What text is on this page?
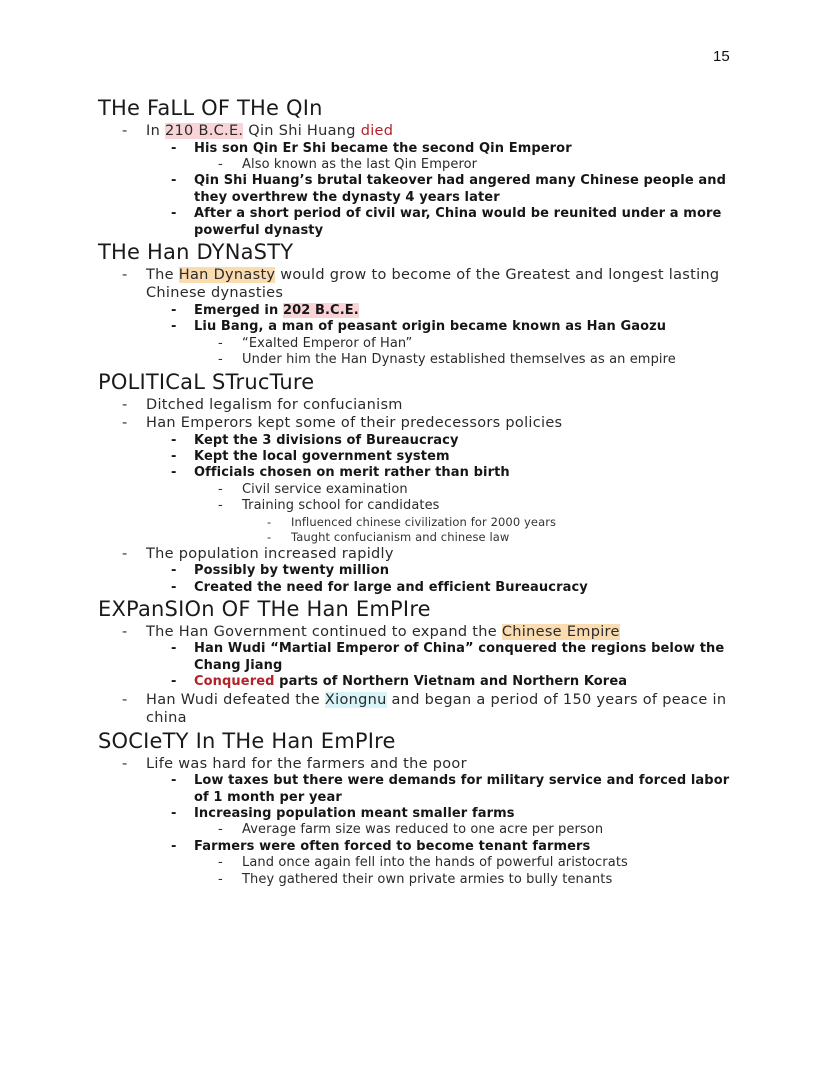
15
THe FaLL OF THe QIn
- In 210 B.C.E. Qin Shi Huang died
- His son Qin Er Shi became the second Qin Emperor
- Also known as the last Qin Emperor
- Qin Shi Huang’s brutal takeover had angered many Chinese people and they overthrew the dynasty 4 years later
- After a short period of civil war, China would be reunited under a more powerful dynasty
THe Han DYNaSTY
- The Han Dynasty would grow to become of the Greatest and longest lasting Chinese dynasties
- Emerged in 202 B.C.E.
- Liu Bang, a man of peasant origin became known as Han Gaozu
- “Exalted Emperor of Han”
- Under him the Han Dynasty established themselves as an empire
POLITICaL STrucTure
- Ditched legalism for confucianism
- Han Emperors kept some of their predecessors policies
- Kept the 3 divisions of Bureaucracy
- Kept the local government system
- Officials chosen on merit rather than birth
- Civil service examination
- Training school for candidates
- Influenced chinese civilization for 2000 years
- Taught confucianism and chinese law
- The population increased rapidly
- Possibly by twenty million
- Created the need for large and efficient Bureaucracy
EXPanSIOn OF THe Han EmPIre
- The Han Government continued to expand the Chinese Empire
- Han Wudi “Martial Emperor of China” conquered the regions below the Chang Jiang
- Conquered parts of Northern Vietnam and Northern Korea
- Han Wudi defeated the Xiongnu and began a period of 150 years of peace in china
SOCIeTY In THe Han EmPIre
- Life was hard for the farmers and the poor
- Low taxes but there were demands for military service and forced labor of 1 month per year
- Increasing population meant smaller farms
- Average farm size was reduced to one acre per person
- Farmers were often forced to become tenant farmers
- Land once again fell into the hands of powerful aristocrats
- They gathered their own private armies to bully tenants
